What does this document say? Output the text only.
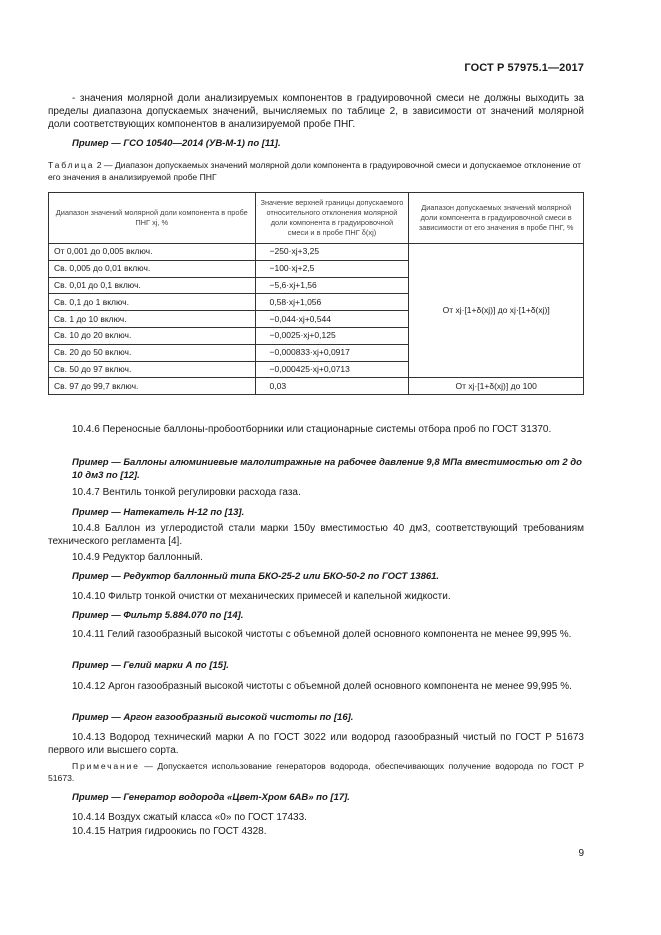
ГОСТ Р 57975.1—2017
- значения молярной доли анализируемых компонентов в градуировочной смеси не должны выходить за пределы диапазона допускаемых значений, вычисляемых по таблице 2, в зависимости от значений молярной доли соответствующих компонентов в анализируемой пробе ПНГ.
Пример — ГСО 10540—2014 (УВ-М-1) по [11].
Таблица 2 — Диапазон допускаемых значений молярной доли компонента в градуировочной смеси и допускаемое отклонение от его значения в анализируемой пробе ПНГ
Диапазон значений молярной доли компонента в пробе ПНГ xj, %	Значение верхней границы допускаемого относительного отклонения молярной доли компонента в градуировочной смеси и в пробе ПНГ δ(xj)	Диапазон допускаемых значений молярной доли компонента в градуировочной смеси в зависимости от его значения в пробе ПНГ, %
От 0,001 до 0,005 включ.	−250·xj+3,25	От xj·[1+δ(xj)] до xj·[1+δ(xj)]
Св. 0,005 до 0,01 включ.	−100·xj+2,5	
Св. 0,01 до 0,1 включ.	−5,6·xj+1,56	
Св. 0,1 до 1 включ.	0,58·xj+1,056	
Св. 1 до 10 включ.	−0,044·xj+0,544	
Св. 10 до 20 включ.	−0,0025·xj+0,125	
Св. 20 до 50 включ.	−0,000833·xj+0,0917	
Св. 50 до 97 включ.	−0,000425·xj+0,0713	
Св. 97 до 99,7 включ.	0,03	От xj·[1+δ(xj)] до 100
10.4.6 Переносные баллоны-пробоотборники или стационарные системы отбора проб по ГОСТ 31370.
Пример — Баллоны алюминиевые малолитражные на рабочее давление 9,8 МПа вместимостью от 2 до 10 дм3 по [12].
10.4.7 Вентиль тонкой регулировки расхода газа.
Пример — Натекатель Н-12 по [13].
10.4.8 Баллон из углеродистой стали марки 150у вместимостью 40 дм3, соответствующий требованиям технического регламента [4].
10.4.9 Редуктор баллонный.
Пример — Редуктор баллонный типа БКО-25-2 или БКО-50-2 по ГОСТ 13861.
10.4.10 Фильтр тонкой очистки от механических примесей и капельной жидкости.
Пример — Фильтр 5.884.070 по [14].
10.4.11 Гелий газообразный высокой чистоты с объемной долей основного компонента не менее 99,995 %.
Пример — Гелий марки А по [15].
10.4.12 Аргон газообразный высокой чистоты с объемной долей основного компонента не менее 99,995 %.
Пример — Аргон газообразный высокой чистоты по [16].
10.4.13 Водород технический марки А по ГОСТ 3022 или водород газообразный чистый по ГОСТ Р 51673 первого или высшего сорта.
Примечание — Допускается использование генераторов водорода, обеспечивающих получение водорода по ГОСТ Р 51673.
Пример — Генератор водорода «Цвет-Хром 6АВ» по [17].
10.4.14 Воздух сжатый класса «0» по ГОСТ 17433.
10.4.15 Натрия гидроокись по ГОСТ 4328.
9
